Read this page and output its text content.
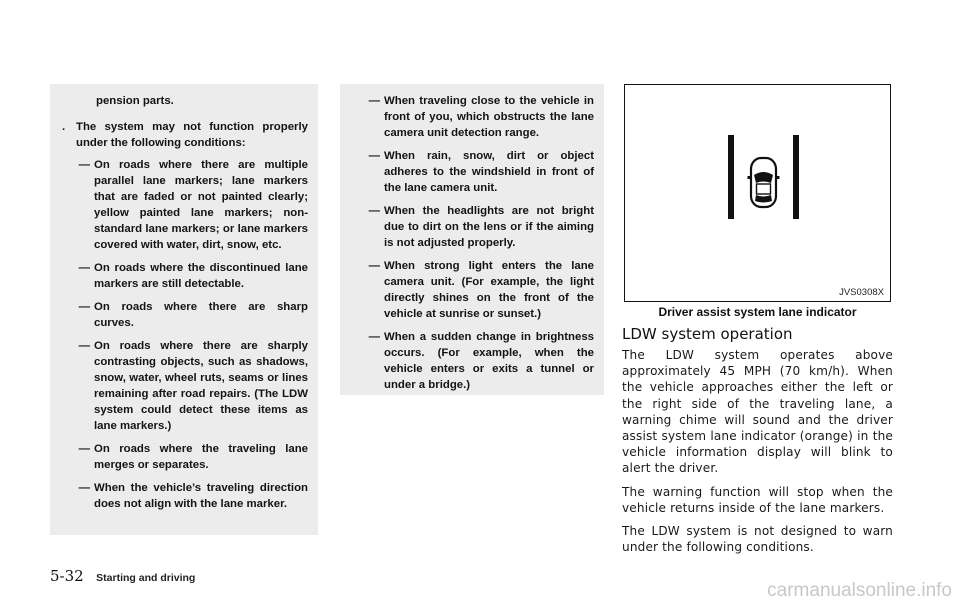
pension parts.
. The system may not function properly under the following conditions:
— On roads where there are multiple parallel lane markers; lane markers that are faded or not painted clearly; yellow painted lane markers; non-standard lane markers; or lane markers covered with water, dirt, snow, etc.
— On roads where the discontinued lane markers are still detectable.
— On roads where there are sharp curves.
— On roads where there are sharply contrasting objects, such as shadows, snow, water, wheel ruts, seams or lines remaining after road repairs. (The LDW system could detect these items as lane markers.)
— On roads where the traveling lane merges or separates.
— When the vehicle’s traveling direction does not align with the lane marker.
— When traveling close to the vehicle in front of you, which obstructs the lane camera unit detection range.
— When rain, snow, dirt or object adheres to the windshield in front of the lane camera unit.
— When the headlights are not bright due to dirt on the lens or if the aiming is not adjusted properly.
— When strong light enters the lane camera unit. (For example, the light directly shines on the front of the vehicle at sunrise or sunset.)
— When a sudden change in brightness occurs. (For example, when the vehicle enters or exits a tunnel or under a bridge.)
JVS0308X
Driver assist system lane indicator
LDW system operation

The LDW system operates above approximately 45 MPH (70 km/h). When the vehicle approaches either the left or the right side of the traveling lane, a warning chime will sound and the driver assist system lane indicator (orange) in the vehicle information display will blink to alert the driver.

The warning function will stop when the vehicle returns inside of the lane markers.

The LDW system is not designed to warn under the following conditions.

5-32 Starting and driving
carmanualsonline.info
